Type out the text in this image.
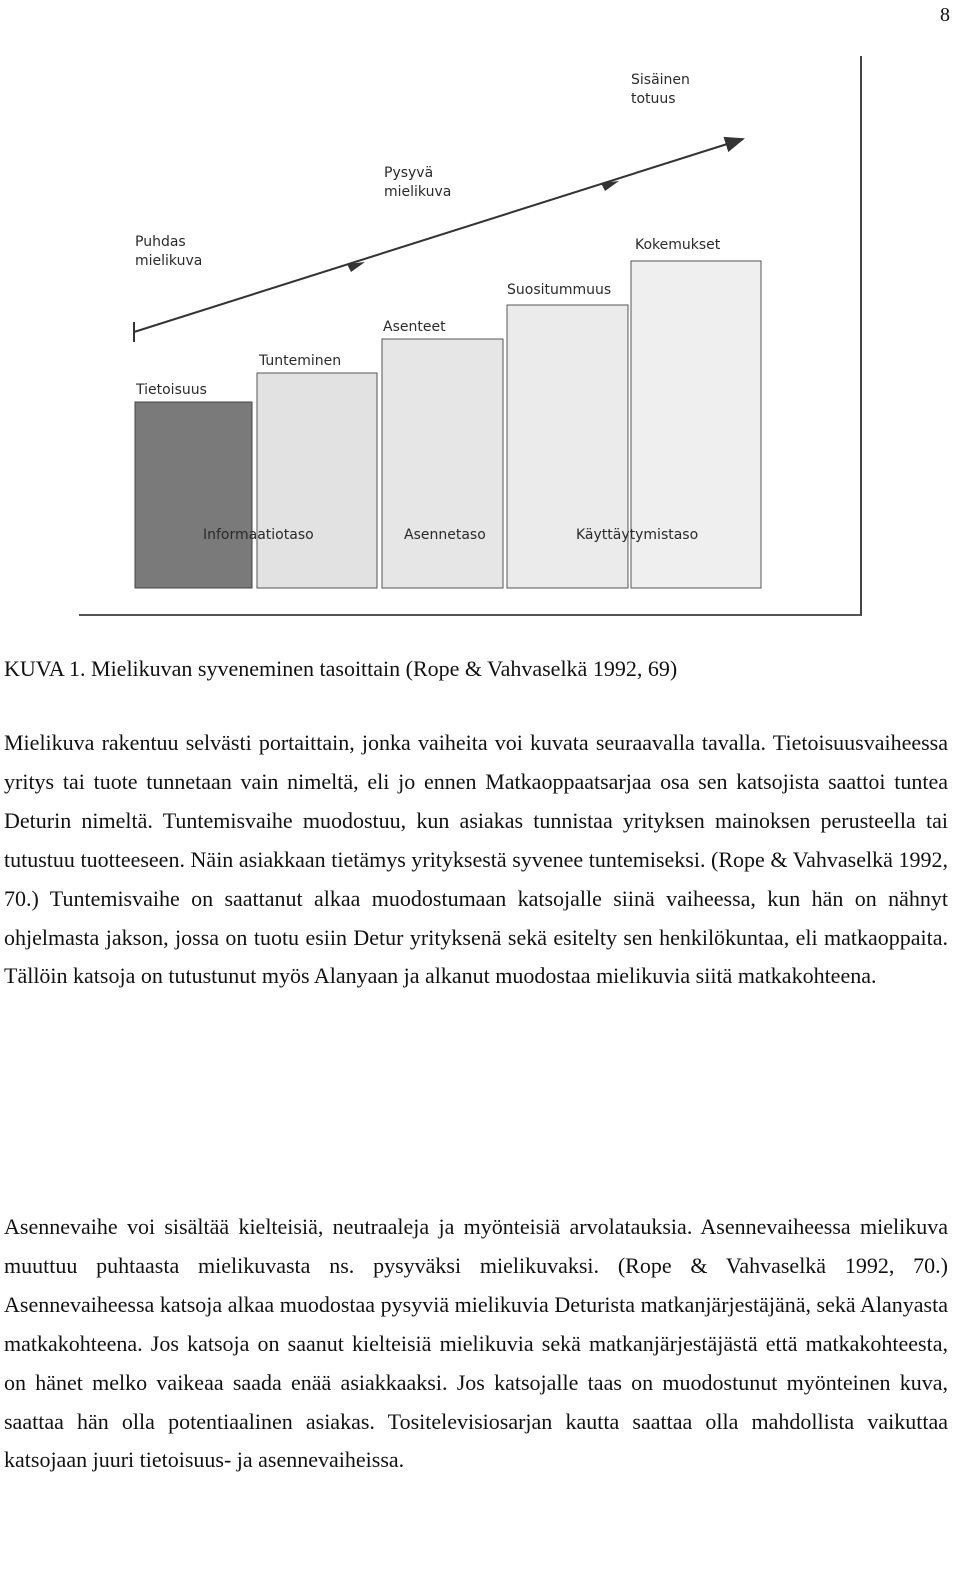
8
Tietoisuus
Tunteminen
Asenteet
Suositummuus
Kokemukset
Informaatiotaso	Asennetaso	Käyttäytymistaso
Puhdas mielikuva
Pysyvä mielikuva
Sisäinen totuus
KUVA 1. Mielikuvan syveneminen tasoittain (Rope & Vahvaselkä 1992, 69)

Mielikuva rakentuu selvästi portaittain, jonka vaiheita voi kuvata seuraavalla tavalla. Tietoisuusvaiheessa yritys tai tuote tunnetaan vain nimeltä, eli jo ennen Matkaoppaatsarjaa osa sen katsojista saattoi tuntea Deturin nimeltä. Tuntemisvaihe muodostuu, kun asiakas tunnistaa yrityksen mainoksen perusteella tai tutustuu tuotteeseen. Näin asiakkaan tietämys yrityksestä syvenee tuntemiseksi. (Rope & Vahvaselkä 1992, 70.) Tuntemisvaihe on saattanut alkaa muodostumaan katsojalle siinä vaiheessa, kun hän on nähnyt ohjelmasta jakson, jossa on tuotu esiin Detur yrityksenä sekä esitelty sen henkilökuntaa, eli matkaoppaita. Tällöin katsoja on tutustunut myös Alanyaan ja alkanut muodostaa mielikuvia siitä matkakohteena.

Asennevaihe voi sisältää kielteisiä, neutraaleja ja myönteisiä arvolatauksia. Asennevaiheessa mielikuva muuttuu puhtaasta mielikuvasta ns. pysyväksi mielikuvaksi. (Rope & Vahvaselkä 1992, 70.) Asennevaiheessa katsoja alkaa muodostaa pysyviä mielikuvia Deturista matkanjärjestäjänä, sekä Alanyasta matkakohteena. Jos katsoja on saanut kielteisiä mielikuvia sekä matkanjärjestäjästä että matkakohteesta, on hänet melko vaikeaa saada enää asiakkaaksi. Jos katsojalle taas on muodostunut myönteinen kuva, saattaa hän olla potentiaalinen asiakas. Tositelevisiosarjan kautta saattaa olla mahdollista vaikuttaa katsojaan juuri tietoisuus- ja asennevaiheissa.
